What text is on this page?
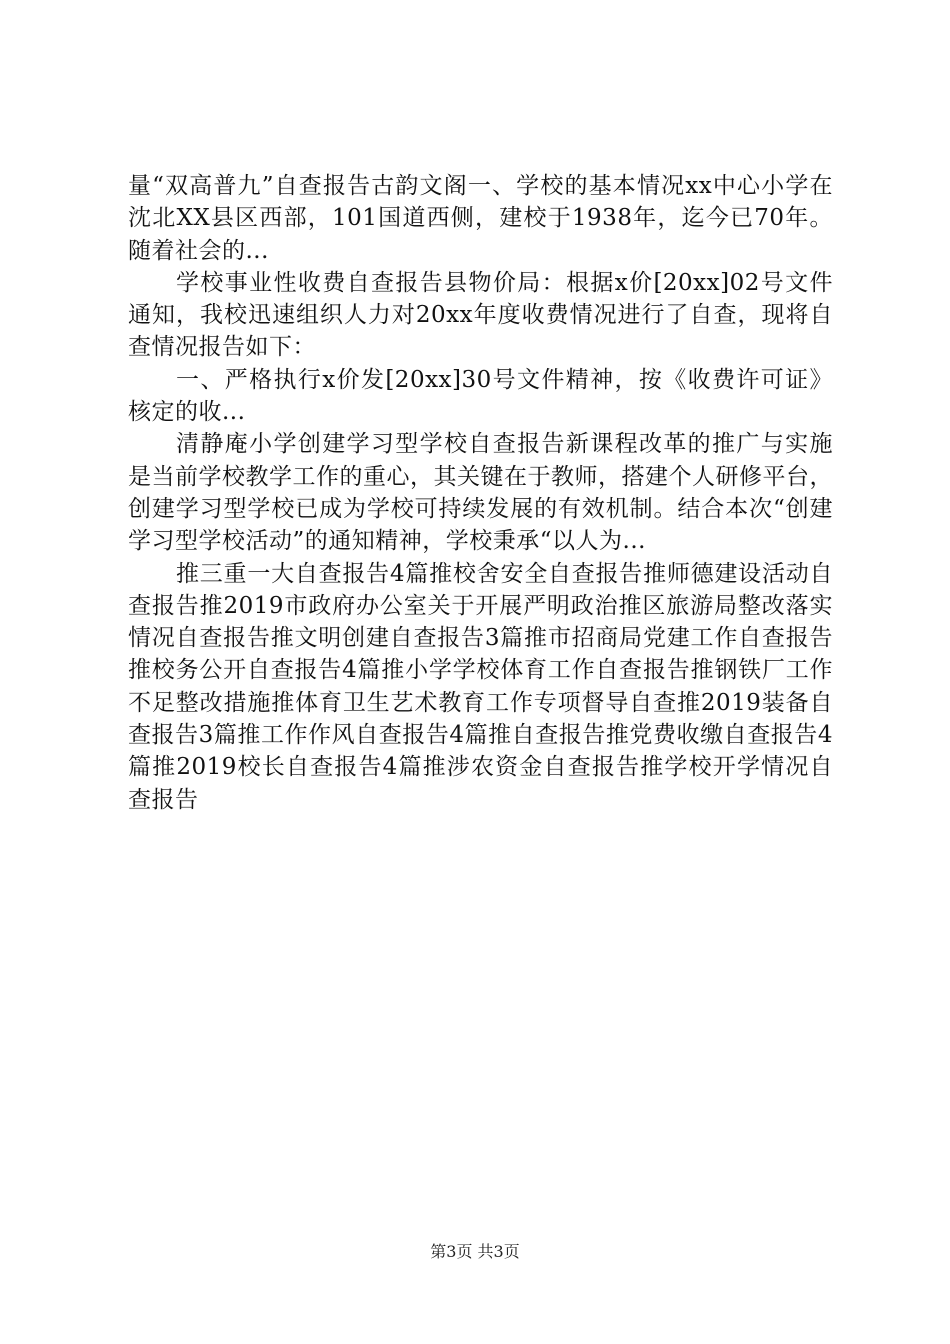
量“双高普九”自查报告古韵文阁一、学校的基本情况xx中心小学在沈北XX县区西部，101国道西侧，建校于1938年，迄今已70年。随着社会的...

学校事业性收费自查报告县物价局：根据x价[20xx]02号文件通知，我校迅速组织人力对20xx年度收费情况进行了自查，现将自查情况报告如下：

一、严格执行x价发[20xx]30号文件精神，按《收费许可证》核定的收...

清静庵小学创建学习型学校自查报告新课程改革的推广与实施是当前学校教学工作的重心，其关键在于教师，搭建个人研修平台，创建学习型学校已成为学校可持续发展的有效机制。结合本次“创建学习型学校活动”的通知精神，学校秉承“以人为...

推三重一大自查报告4篇推校舍安全自查报告推师德建设活动自查报告推2019市政府办公室关于开展严明政治推区旅游局整改落实情况自查报告推文明创建自查报告3篇推市招商局党建工作自查报告推校务公开自查报告4篇推小学学校体育工作自查报告推钢铁厂工作不足整改措施推体育卫生艺术教育工作专项督导自查推2019装备自查报告3篇推工作作风自查报告4篇推自查报告推党费收缴自查报告4篇推2019校长自查报告4篇推涉农资金自查报告推学校开学情况自查报告

第3页 共3页
